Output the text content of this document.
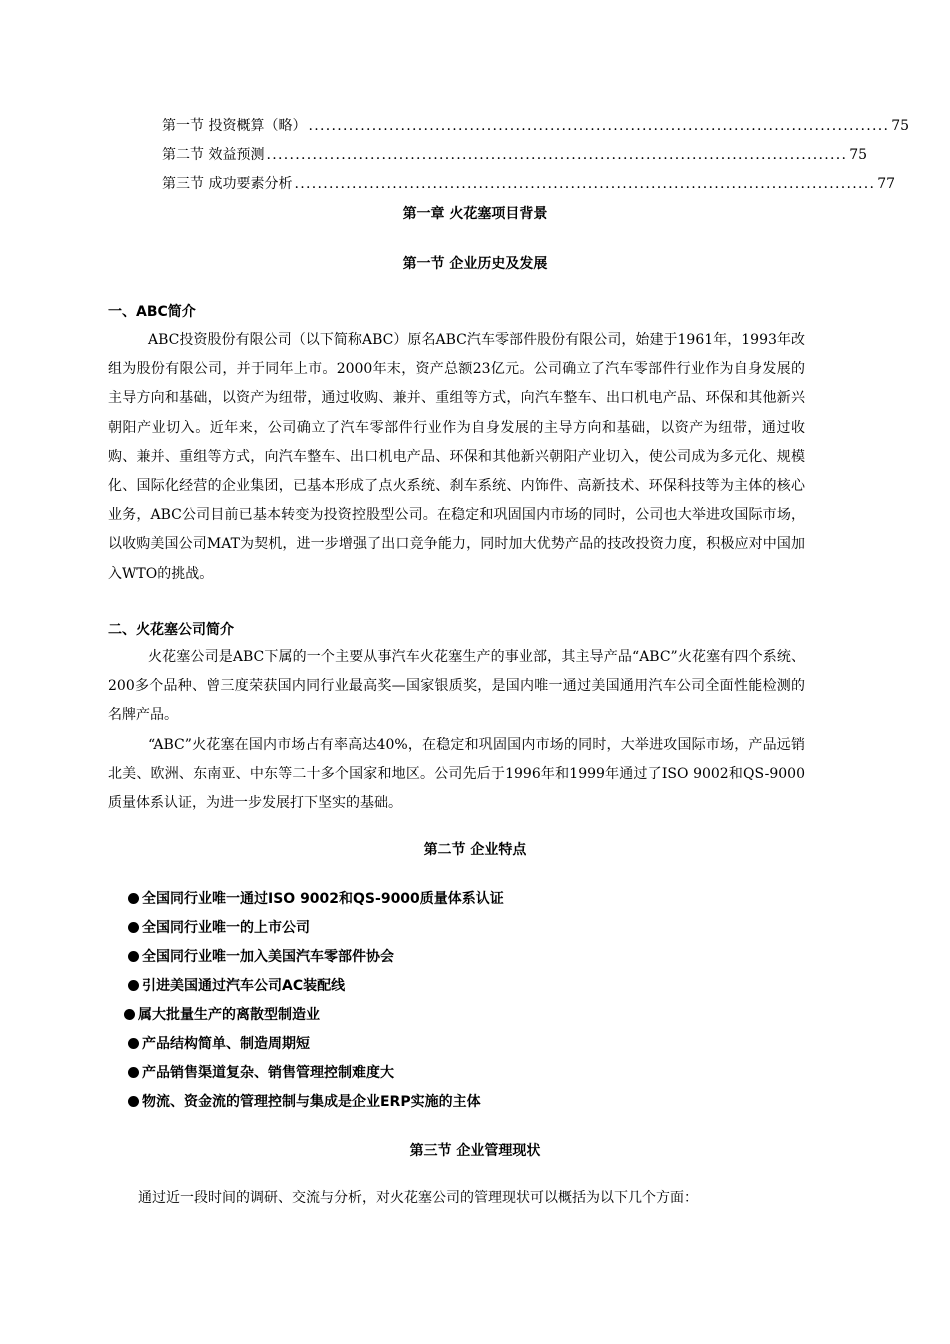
第一节 投资概算（略） ..................................................................................................... 75
第二节 效益预测 ..................................................................................................... 75
第三节 成功要素分析 ..................................................................................................... 77
第一章 火花塞项目背景
第一节 企业历史及发展
一、ABC简介

ABC投资股份有限公司（以下简称ABC）原名ABC汽车零部件股份有限公司，始建于1961年，1993年改组为股份有限公司，并于同年上市。2000年末，资产总额23亿元。公司确立了汽车零部件行业作为自身发展的主导方向和基础，以资产为纽带，通过收购、兼并、重组等方式，向汽车整车、出口机电产品、环保和其他新兴朝阳产业切入。近年来，公司确立了汽车零部件行业作为自身发展的主导方向和基础，以资产为纽带，通过收购、兼并、重组等方式，向汽车整车、出口机电产品、环保和其他新兴朝阳产业切入，使公司成为多元化、规模化、国际化经营的企业集团，已基本形成了点火系统、刹车系统、内饰件、高新技术、环保科技等为主体的核心业务，ABC公司目前已基本转变为投资控股型公司。在稳定和巩固国内市场的同时，公司也大举进攻国际市场，以收购美国公司MAT为契机，进一步增强了出口竞争能力，同时加大优势产品的技改投资力度，积极应对中国加入WTO的挑战。

二、火花塞公司简介

火花塞公司是ABC下属的一个主要从事汽车火花塞生产的事业部，其主导产品“ABC”火花塞有四个系统、200多个品种、曾三度荣获国内同行业最高奖—国家银质奖，是国内唯一通过美国通用汽车公司全面性能检测的名牌产品。

“ABC”火花塞在国内市场占有率高达40%，在稳定和巩固国内市场的同时，大举进攻国际市场，产品远销北美、欧洲、东南亚、中东等二十多个国家和地区。公司先后于1996年和1999年通过了ISO 9002和QS-9000质量体系认证，为进一步发展打下坚实的基础。

第二节 企业特点
全国同行业唯一通过ISO 9002和QS-9000质量体系认证
全国同行业唯一的上市公司
全国同行业唯一加入美国汽车零部件协会
引进美国通过汽车公司AC装配线
属大批量生产的离散型制造业
产品结构简单、制造周期短
产品销售渠道复杂、销售管理控制难度大
物流、资金流的管理控制与集成是企业ERP实施的主体
第三节 企业管理现状
通过近一段时间的调研、交流与分析，对火花塞公司的管理现状可以概括为以下几个方面：
